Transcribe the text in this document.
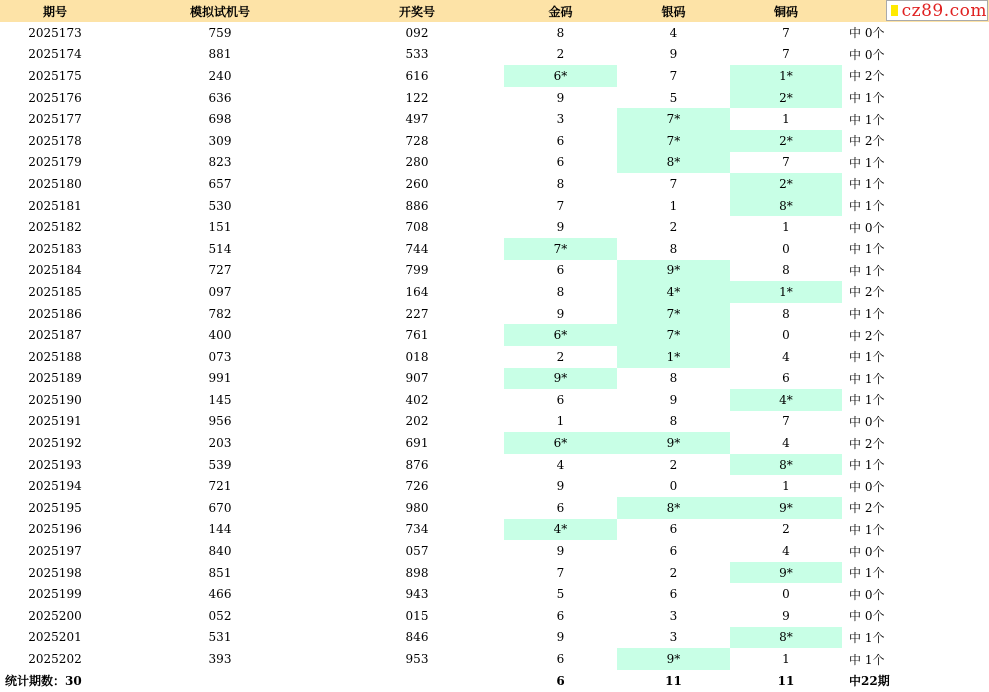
期号	模拟试机号	开奖号	金码	银码	铜码	
2025173	759	092	8	4	7	中 0个
2025174	881	533	2	9	7	中 0个
2025175	240	616	6*	7	1*	中 2个
2025176	636	122	9	5	2*	中 1个
2025177	698	497	3	7*	1	中 1个
2025178	309	728	6	7*	2*	中 2个
2025179	823	280	6	8*	7	中 1个
2025180	657	260	8	7	2*	中 1个
2025181	530	886	7	1	8*	中 1个
2025182	151	708	9	2	1	中 0个
2025183	514	744	7*	8	0	中 1个
2025184	727	799	6	9*	8	中 1个
2025185	097	164	8	4*	1*	中 2个
2025186	782	227	9	7*	8	中 1个
2025187	400	761	6*	7*	0	中 2个
2025188	073	018	2	1*	4	中 1个
2025189	991	907	9*	8	6	中 1个
2025190	145	402	6	9	4*	中 1个
2025191	956	202	1	8	7	中 0个
2025192	203	691	6*	9*	4	中 2个
2025193	539	876	4	2	8*	中 1个
2025194	721	726	9	0	1	中 0个
2025195	670	980	6	8*	9*	中 2个
2025196	144	734	4*	6	2	中 1个
2025197	840	057	9	6	4	中 0个
2025198	851	898	7	2	9*	中 1个
2025199	466	943	5	6	0	中 0个
2025200	052	015	6	3	9	中 0个
2025201	531	846	9	3	8*	中 1个
2025202	393	953	6	9*	1	中 1个
统计期数：30			6	11	11	中22期
cz89.com
